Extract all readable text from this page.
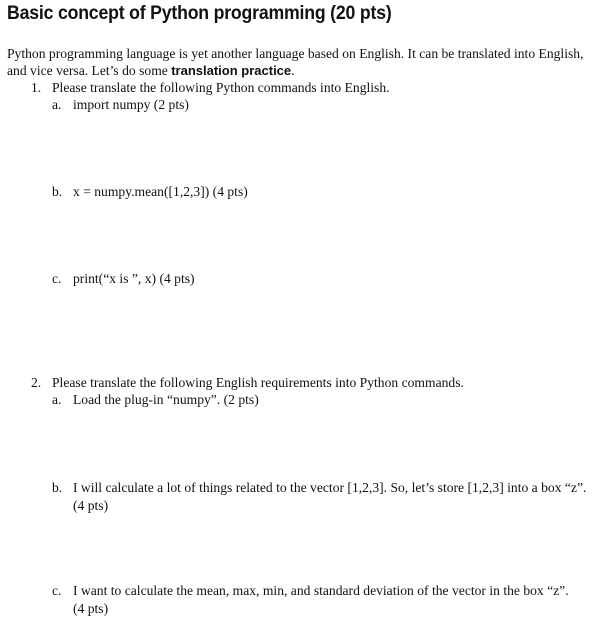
Basic concept of Python programming (20 pts)
Python programming language is yet another language based on English. It can be translated into English, and vice versa. Let’s do some translation practice.
1. Please translate the following Python commands into English.
a. import numpy (2 pts)
b. x = numpy.mean([1,2,3]) (4 pts)
c. print(“x is ”, x) (4 pts)
2. Please translate the following English requirements into Python commands.
a. Load the plug-in “numpy”. (2 pts)
b. I will calculate a lot of things related to the vector [1,2,3]. So, let’s store [1,2,3] into a box “z”. (4 pts)
c. I want to calculate the mean, max, min, and standard deviation of the vector in the box “z”. (4 pts)
